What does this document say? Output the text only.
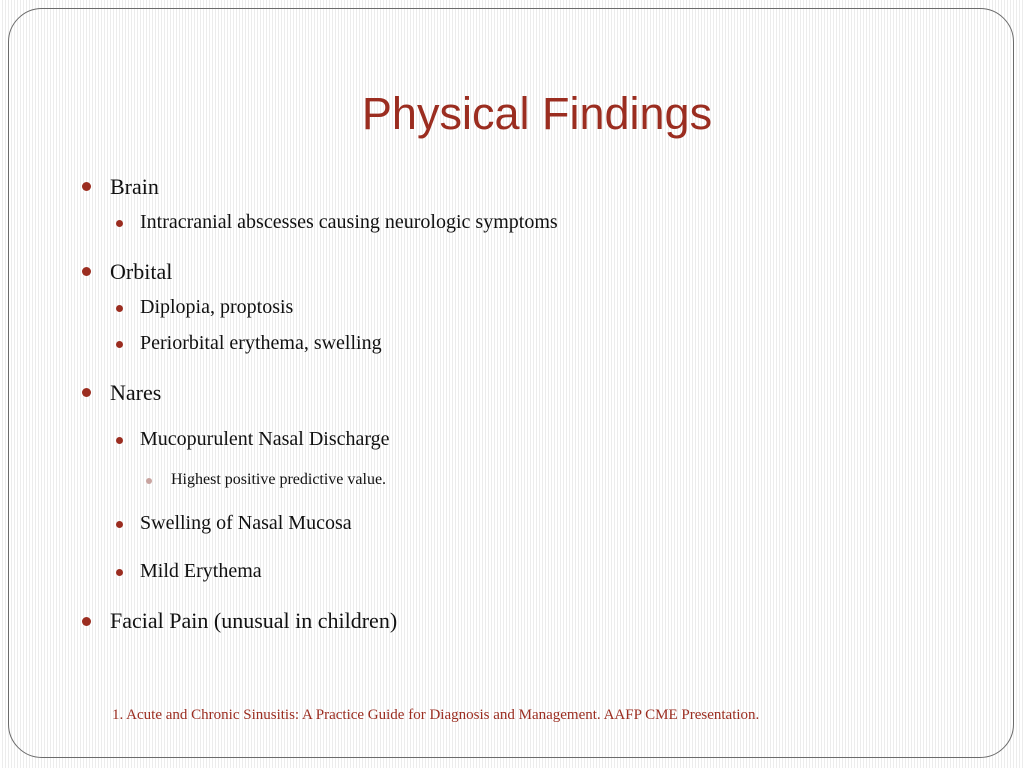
Physical Findings
Brain
Intracranial abscesses causing neurologic symptoms
Orbital
Diplopia, proptosis
Periorbital erythema, swelling
Nares
Mucopurulent Nasal Discharge
Highest positive predictive value.
Swelling of Nasal Mucosa
Mild Erythema
Facial Pain (unusual in children)
1. Acute and Chronic Sinusitis: A Practice Guide for Diagnosis and Management. AAFP CME Presentation.
